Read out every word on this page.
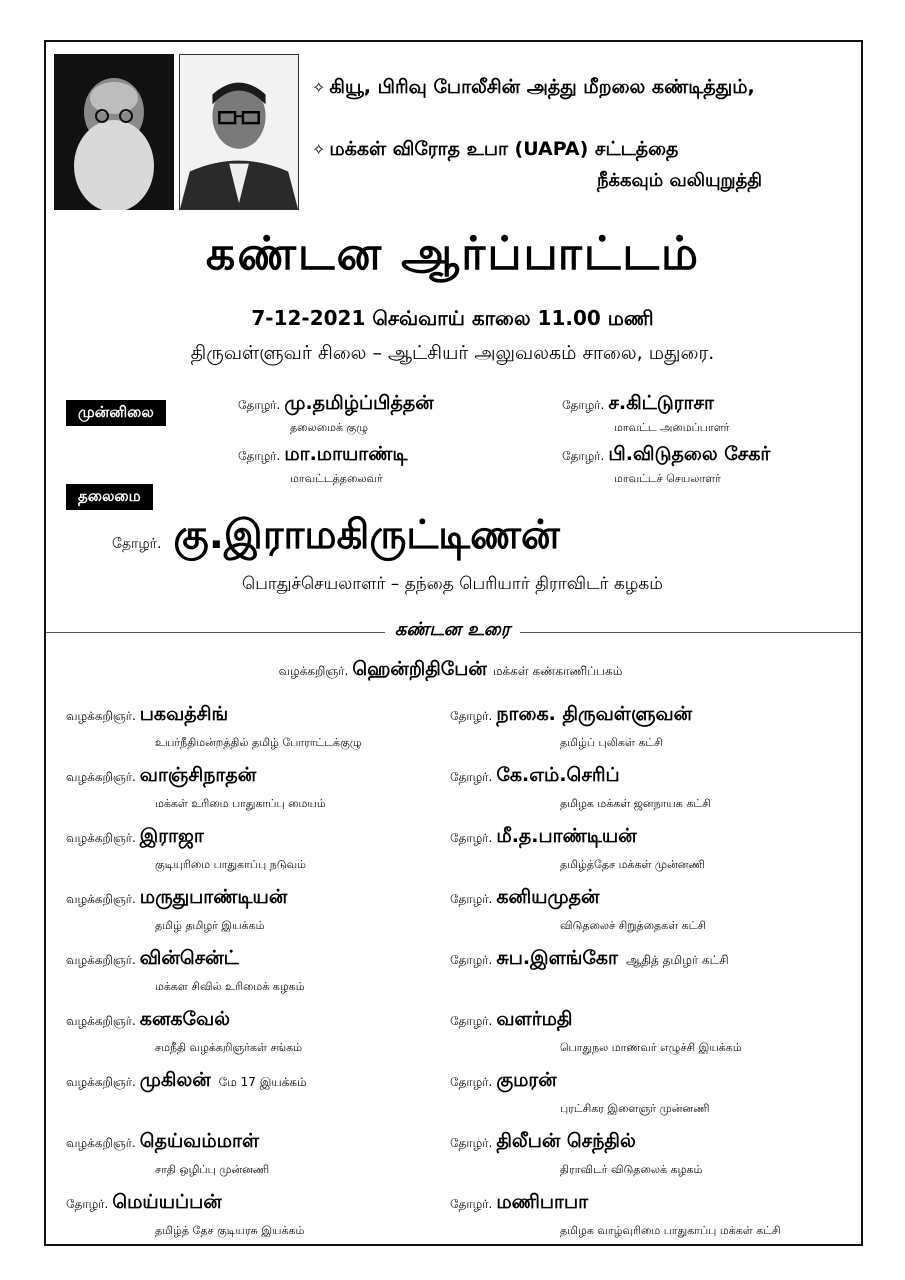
✧ கியூ, பிரிவு போலீசின் அத்து மீறலை கண்டித்தும்,
✧ மக்கள் விரோத உபா (UAPA) சட்டத்தை
நீக்கவும் வலியுறுத்தி
கண்டன ஆர்ப்பாட்டம்
7-12-2021 செவ்வாய் காலை 11.00 மணி
திருவள்ளுவர் சிலை – ஆட்சியர் அலுவலகம் சாலை, மதுரை.
முன்னிலை	தோழர். மு.தமிழ்ப்பித்தன்
தலைமைக் குழு
தோழர். ச.கிட்டுராசா
மாவட்ட அமைப்பாளர்
தோழர். மா.மாயாண்டி
மாவட்டத்தலைவர்
தோழர். பி.விடுதலை சேகர்
மாவட்டச் செயலாளர்
தலைமை
தோழர். கு.இராமகிருட்டிணன்
பொதுச்செயலாளர் – தந்தை பெரியார் திராவிடர் கழகம்
கண்டன உரை
வழக்கறிஞர். ஹென்றிதிபேன் மக்கள் கண்காணிப்பகம்
வழக்கறிஞர். பகவத்சிங்
உயர்நீதிமன்றத்தில் தமிழ் போராட்டக்குழு
வழக்கறிஞர். வாஞ்சிநாதன்
மக்கள் உரிமை பாதுகாப்பு மையம்
வழக்கறிஞர். இராஜா
குடியுரிமை பாதுகாப்பு நடுவம்
வழக்கறிஞர். மருதுபாண்டியன்
தமிழ் தமிழர் இயக்கம்
வழக்கறிஞர். வின்சென்ட்
மக்கள சிவில் உரிமைக் கழகம்
வழக்கறிஞர். கனகவேல்
சமநீதி வழக்கறிஞர்கள் சங்கம்
வழக்கறிஞர். முகிலன் மே 17 இயக்கம்
வழக்கறிஞர். தெய்வம்மாள்
சாதி ஒழிப்பு முன்னணி
தோழர். மெய்யப்பன்
தமிழ்த் தேச குடியரசு இயக்கம்
தோழர். நாகை. திருவள்ளுவன்
தமிழ்ப் புலிகள் கட்சி
தோழர். கே.எம்.செரிப்
தமிழக மக்கள் ஜனநாயக கட்சி
தோழர். மீ.த.பாண்டியன்
தமிழ்த்தேச மக்கள் முன்னணி
தோழர். கனியமுதன்
விடுதலைச் சிறுத்தைகள் கட்சி
தோழர். சுப.இளங்கோ ஆதித் தமிழர் கட்சி
தோழர். வளர்மதி
பொதுநல மாணவர் எழுச்சி இயக்கம்
தோழர். குமரன்
புரட்சிகர இளைஞர் முன்னணி
தோழர். திலீபன் செந்தில்
திராவிடர் விடுதலைக் கழகம்
தோழர். மணிபாபா
தமிழக வாழ்வுரிமை பாதுகாப்பு மக்கள் கட்சி
